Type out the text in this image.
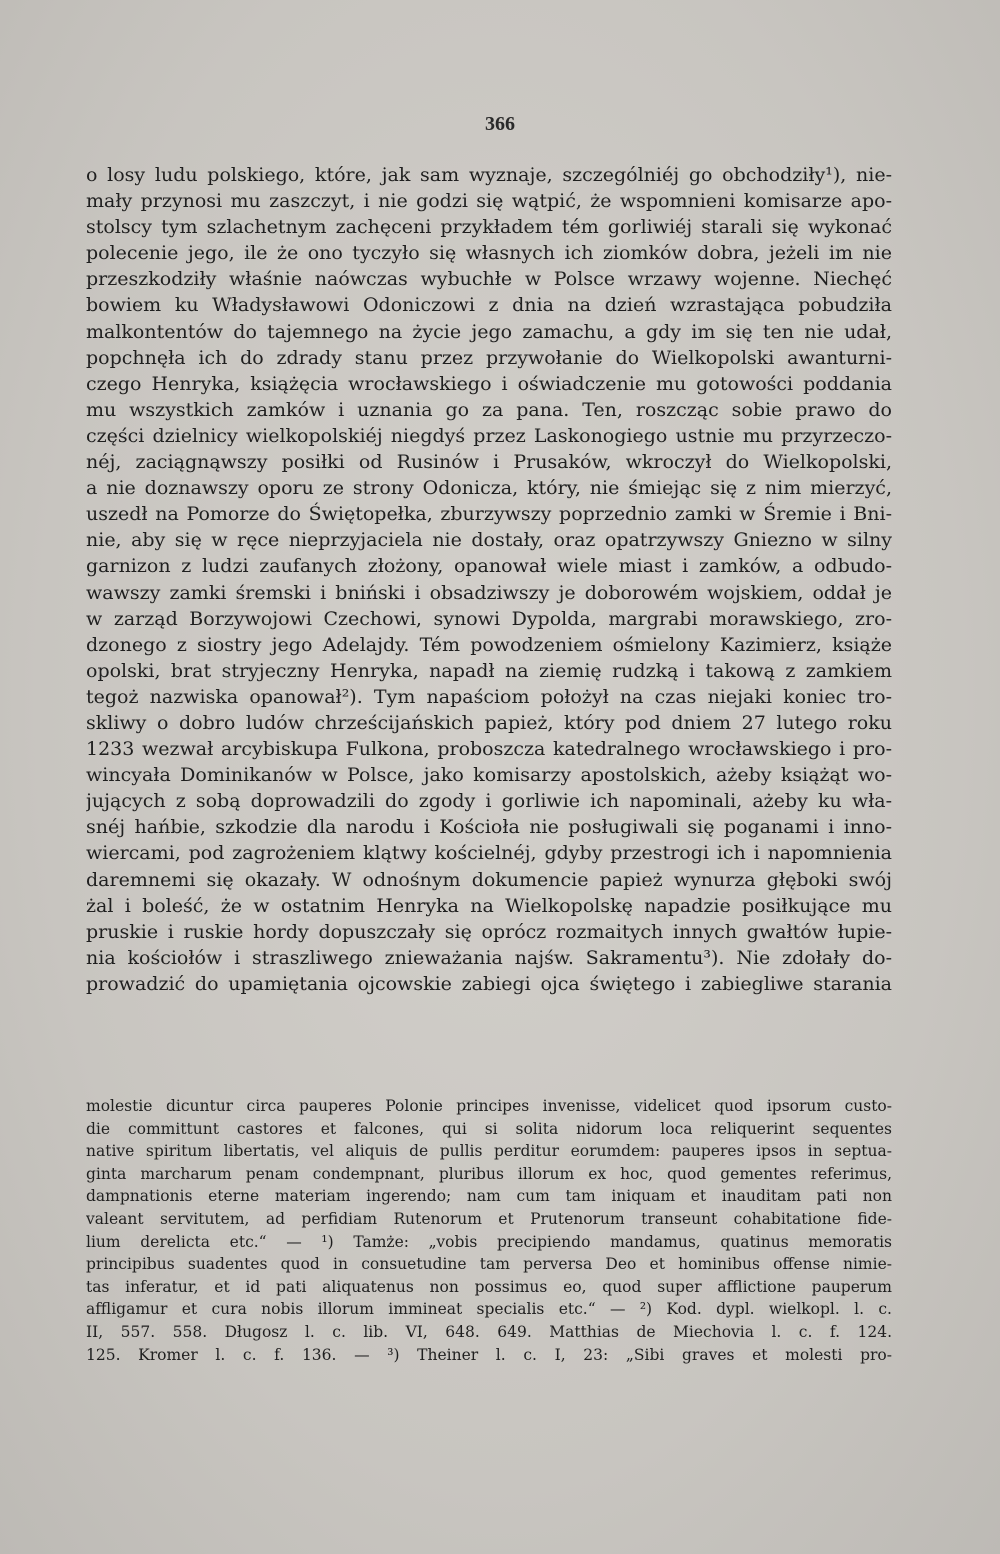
366
o losy ludu polskiego, które, jak sam wyznaje, szczególniéj go obchodziły¹), nie-
mały przynosi mu zaszczyt, i nie godzi się wątpić, że wspomnieni komisarze apo-
stolscy tym szlachetnym zachęceni przykładem tém gorliwiéj starali się wykonać
polecenie jego, ile że ono tyczyło się własnych ich ziomków dobra, jeżeli im nie
przeszkodziły właśnie naówczas wybuchłe w Polsce wrzawy wojenne. Niechęć
bowiem ku Władysławowi Odoniczowi z dnia na dzień wzrastająca pobudziła
malkontentów do tajemnego na życie jego zamachu, a gdy im się ten nie udał,
popchnęła ich do zdrady stanu przez przywołanie do Wielkopolski awanturni-
czego Henryka, książęcia wrocławskiego i oświadczenie mu gotowości poddania
mu wszystkich zamków i uznania go za pana. Ten, roszcząc sobie prawo do
części dzielnicy wielkopolskiéj niegdyś przez Laskonogiego ustnie mu przyrzeczo-
néj, zaciągnąwszy posiłki od Rusinów i Prusaków, wkroczył do Wielkopolski,
a nie doznawszy oporu ze strony Odonicza, który, nie śmiejąc się z nim mierzyć,
uszedł na Pomorze do Świętopełka, zburzywszy poprzednio zamki w Śremie i Bni-
nie, aby się w ręce nieprzyjaciela nie dostały, oraz opatrzywszy Gniezno w silny
garnizon z ludzi zaufanych złożony, opanował wiele miast i zamków, a odbudo-
wawszy zamki śremski i bniński i obsadziwszy je doborowém wojskiem, oddał je
w zarząd Borzywojowi Czechowi, synowi Dypolda, margrabi morawskiego, zro-
dzonego z siostry jego Adelajdy. Tém powodzeniem ośmielony Kazimierz, książe
opolski, brat stryjeczny Henryka, napadł na ziemię rudzką i takową z zamkiem
tegoż nazwiska opanował²). Tym napaściom położył na czas niejaki koniec tro-
skliwy o dobro ludów chrześcijańskich papież, który pod dniem 27 lutego roku
1233 wezwał arcybiskupa Fulkona, proboszcza katedralnego wrocławskiego i pro-
wincyała Dominikanów w Polsce, jako komisarzy apostolskich, ażeby książąt wo-
jujących z sobą doprowadzili do zgody i gorliwie ich napominali, ażeby ku wła-
snéj hańbie, szkodzie dla narodu i Kościoła nie posługiwali się poganami i inno-
wiercami, pod zagrożeniem klątwy kościelnéj, gdyby przestrogi ich i napomnienia
daremnemi się okazały. W odnośnym dokumencie papież wynurza głęboki swój
żal i boleść, że w ostatnim Henryka na Wielkopolskę napadzie posiłkujące mu
pruskie i ruskie hordy dopuszczały się oprócz rozmaitych innych gwałtów łupie-
nia kościołów i straszliwego znieważania najśw. Sakramentu³). Nie zdołały do-
prowadzić do upamiętania ojcowskie zabiegi ojca świętego i zabiegliwe starania
molestie dicuntur circa pauperes Polonie principes invenisse, videlicet quod ipsorum custo-
die committunt castores et falcones, qui si solita nidorum loca reliquerint sequentes
native spiritum libertatis, vel aliquis de pullis perditur eorumdem: pauperes ipsos in septua-
ginta marcharum penam condempnant, pluribus illorum ex hoc, quod gementes referimus,
dampnationis eterne materiam ingerendo; nam cum tam iniquam et inauditam pati non
valeant servitutem, ad perfidiam Rutenorum et Prutenorum transeunt cohabitatione fide-
lium derelicta etc.“ — ¹) Tamże: „vobis precipiendo mandamus, quatinus memoratis
principibus suadentes quod in consuetudine tam perversa Deo et hominibus offense nimie-
tas inferatur, et id pati aliquatenus non possimus eo, quod super afflictione pauperum
affligamur et cura nobis illorum immineat specialis etc.“ — ²) Kod. dypl. wielkopl. l. c.
II, 557. 558. Długosz l. c. lib. VI, 648. 649. Matthias de Miechovia l. c. f. 124.
125. Kromer l. c. f. 136. — ³) Theiner l. c. I, 23: „Sibi graves et molesti pro-
